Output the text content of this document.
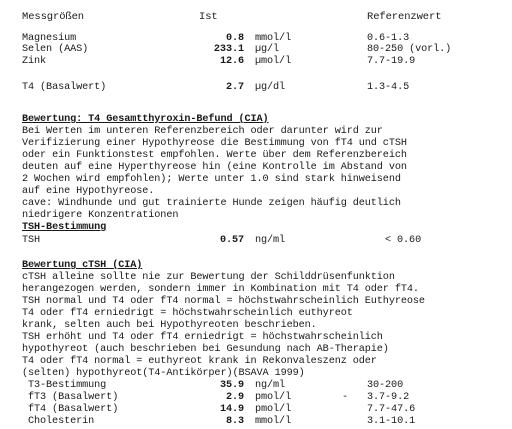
Messgrößen	Ist	Referenzwert
Magnesium	0.8 mmol/l	0.6-1.3
Selen (AAS)	233.1 µg/l	80-250 (vorl.)
Zink	12.6 µmol/l	7.7-19.9
T4 (Basalwert)	2.7 µg/dl	1.3-4.5
Bewertung: T4 Gesamtthyroxin-Befund (CIA)
Bei Werten im unteren Referenzbereich oder darunter wird zur
Verifizierung einer Hypothyreose die Bestimmung von fT4 und cTSH
oder ein Funktionstest empfohlen. Werte über dem Referenzbereich
deuten auf eine Hyperthyreose hin (eine Kontrolle im Abstand von
2 Wochen wird empfohlen); Werte unter 1.0 sind stark hinweisend
auf eine Hypothyreose.
cave: Windhunde und gut trainierte Hunde zeigen häufig deutlich
niedrigere Konzentrationen
TSH-Bestimmung
TSH	0.57 ng/ml	< 0.60
Bewertung cTSH (CIA)
cTSH alleine sollte nie zur Bewertung der Schilddrüsenfunktion
herangezogen werden, sondern immer in Kombination mit T4 oder fT4.
TSH normal und T4 oder fT4 normal = höchstwahrscheinlich Euthyreose
T4 oder fT4 erniedrigt = höchstwahrscheinlich euthyreot
krank, selten auch bei Hypothyreoten beschrieben.
TSH erhöht und T4 oder fT4 erniedrigt = höchstwahrscheinlich
hypothyreot (auch beschrieben bei Gesundung nach AB-Therapie)
T4 oder fT4 normal = euthyreot krank in Rekonvaleszenz oder
(selten) hypothyreot(T4-Antikörper)(BSAVA 1999)
T3-Bestimmung	35.9 ng/ml	30-200
fT3 (Basalwert)	2.9 pmol/l	- 3.7-9.2
fT4 (Basalwert)	14.9 pmol/l	7.7-47.6
Cholesterin	8.3 mmol/l	3.1-10.1
